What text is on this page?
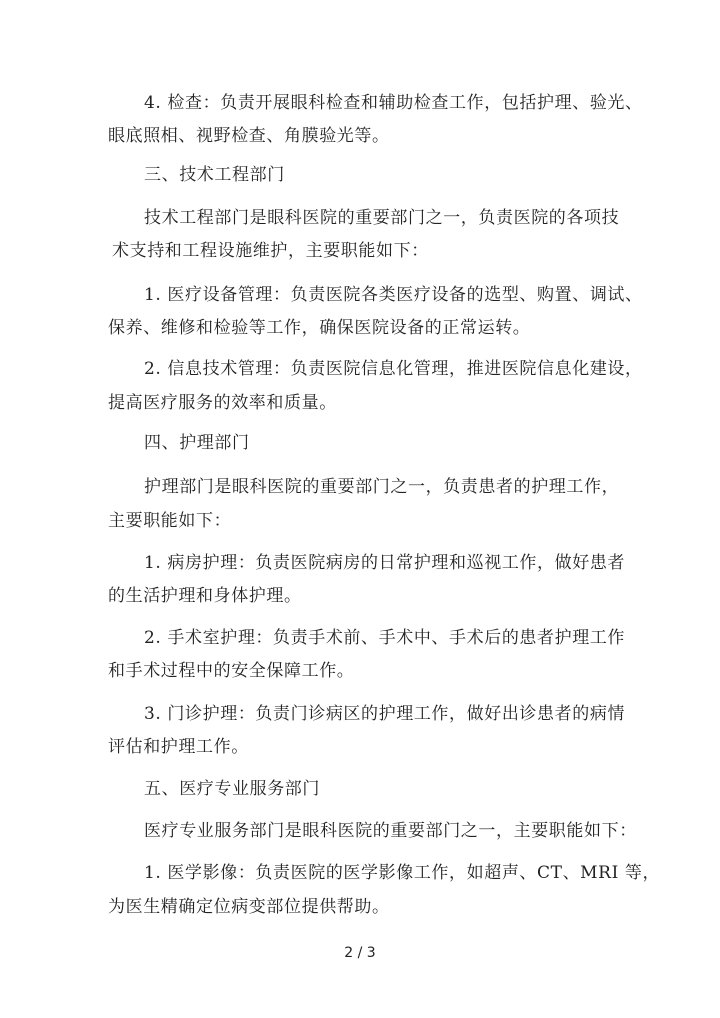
4. 检查：负责开展眼科检查和辅助检查工作，包括护理、验光、
眼底照相、视野检查、角膜验光等。
三、技术工程部门
技术工程部门是眼科医院的重要部门之一，负责医院的各项技
术支持和工程设施维护，主要职能如下：
1. 医疗设备管理：负责医院各类医疗设备的选型、购置、调试、
保养、维修和检验等工作，确保医院设备的正常运转。
2. 信息技术管理：负责医院信息化管理，推进医院信息化建设，
提高医疗服务的效率和质量。
四、护理部门
护理部门是眼科医院的重要部门之一，负责患者的护理工作，
主要职能如下：
1. 病房护理：负责医院病房的日常护理和巡视工作，做好患者
的生活护理和身体护理。
2. 手术室护理：负责手术前、手术中、手术后的患者护理工作
和手术过程中的安全保障工作。
3. 门诊护理：负责门诊病区的护理工作，做好出诊患者的病情
评估和护理工作。
五、医疗专业服务部门
医疗专业服务部门是眼科医院的重要部门之一，主要职能如下：
1. 医学影像：负责医院的医学影像工作，如超声、CT、MRI 等，
为医生精确定位病变部位提供帮助。
2 / 3
